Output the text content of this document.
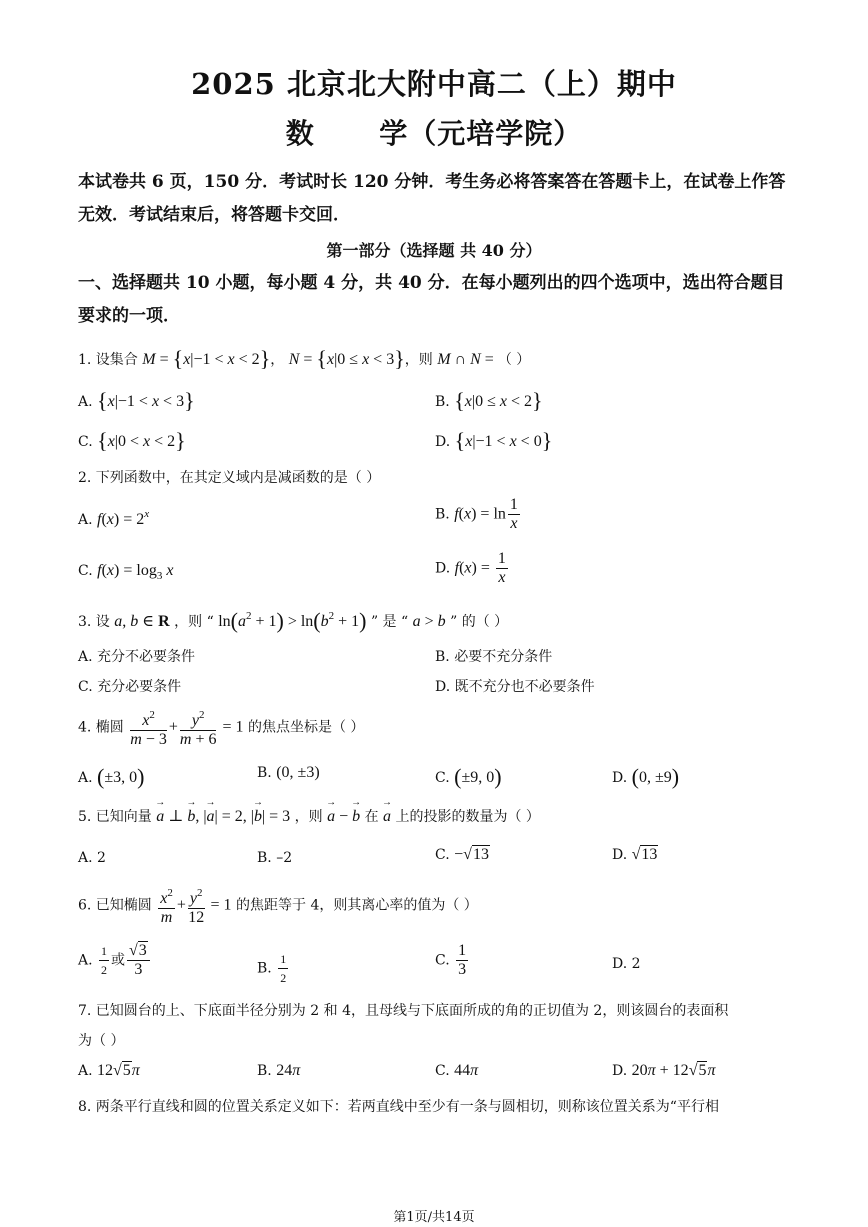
2025 北京北大附中高二（上）期中
数      学（元培学院）
本试卷共 6 页，150 分．考试时长 120 分钟．考生务必将答案答在答题卡上，在试卷上作答
无效．考试结束后，将答题卡交回．
第一部分（选择题 共 40 分）
一、选择题共 10 小题，每小题 4 分，共 40 分．在每小题列出的四个选项中，选出符合题目
要求的一项．
1. 设集合 M = {x|−1 < x < 2}， N = {x|0 ≤ x < 3}，则 M ∩ N = （ ）
A. {x|−1 < x < 3}	B. {x|0 ≤ x < 2}
C. {x|0 < x < 2}	D. {x|−1 < x < 0}
2. 下列函数中，在其定义域内是减函数的是（ ）
A. $f(x) = 2^x$	B. $f(x) = \ln \frac{1}{x}$
C. $f(x) = \log_3 x$	D. $f(x) = \frac{1}{x}$
3. 设 a, b ∈ R ，则 “ $\ln(a^2 + 1) > \ln(b^2 + 1)$ ” 是 “ a > b ” 的（ ）
A. 充分不必要条件	B. 必要不充分条件
C. 充分必要条件	D. 既不充分也不必要条件
4. 椭圆 $\frac{x^2}{m - 3} + \frac{y^2}{m + 6} = 1$ 的焦点坐标是（ ）
A. (±3, 0)	B. (0, ±3)	C. (±9, 0)	D. (0, ±9)
5. 已知向量 → a ⊥ → b, |→ a| = 2, |→ b| = 3 ，则 → a − → b 在 → a 上的投影的数量为（ ）
A. 2	B. –2	C. −√13	D. √13
6. 已知椭圆 $\frac{x^2}{m} + \frac{y^2}{12} = 1$ 的焦距等于 4，则其离心率的值为（ ）
A. $\frac{1}{2}$ 或 $\frac{√3}{3}$	B. $\frac{1}{2}$	C. $\frac{1}{3}$	D. 2
7. 已知圆台的上、下底面半径分别为 2 和 4，且母线与下底面所成的角的正切值为 2，则该圆台的表面积
为（ ）
A. 12√5π	B. 24π	C. 44π	D. 20π + 12√5π
8. 两条平行直线和圆的位置关系定义如下：若两直线中至少有一条与圆相切，则称该位置关系为“平行相
第1页/共14页
